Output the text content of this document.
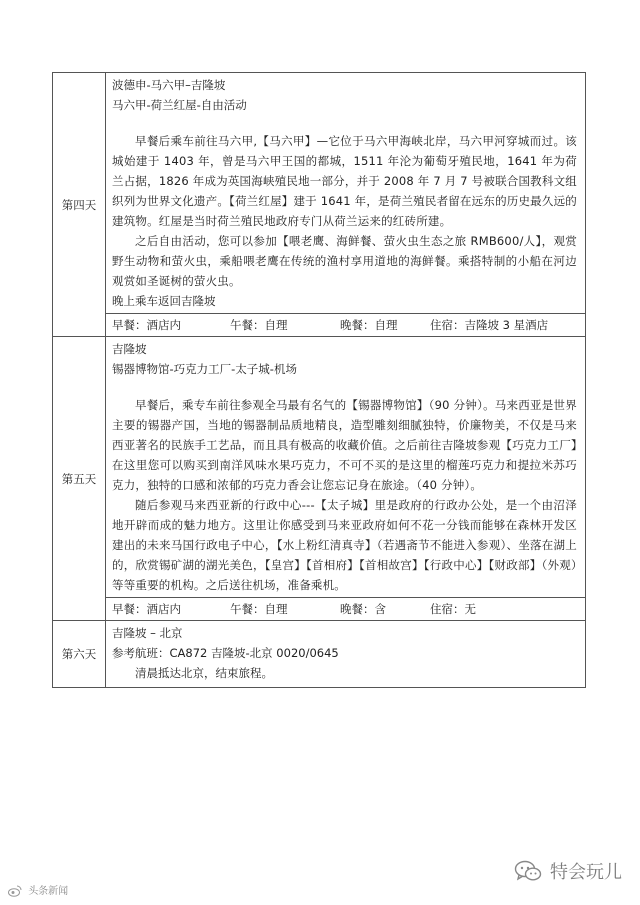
第四天	波德申-马六甲–吉隆坡
马六甲-荷兰红屋-自由活动

早餐后乘车前往马六甲,【马六甲】—它位于马六甲海峡北岸，马六甲河穿城而过。该城始建于 1403 年，曾是马六甲王国的都城，1511 年沦为葡萄牙殖民地，1641 年为荷兰占据，1826 年成为英国海峡殖民地一部分，并于 2008 年 7 月 7 号被联合国教科文组织列为世界文化遗产。【荷兰红屋】建于 1641 年，是荷兰殖民者留在远东的历史最久远的建筑物。红屋是当时荷兰殖民地政府专门从荷兰运来的红砖所建。

之后自由活动，您可以参加【喂老鹰、海鲜餐、萤火虫生态之旅 RMB600/人】，观赏野生动物和萤火虫，乘船喂老鹰在传统的渔村享用道地的海鲜餐。乘搭特制的小船在河边观赏如圣诞树的萤火虫。

晚上乘车返回吉隆坡

	早餐：酒店内 午餐：自理 晚餐：自理 住宿：吉隆坡 3 星酒店

第五天	吉隆坡
锡器博物馆-巧克力工厂-太子城-机场

早餐后，乘专车前往参观全马最有名气的【锡器博物馆】（90 分钟）。马来西亚是世界主要的锡器产国，当地的锡器制品质地精良，造型雕刻细腻独特，价廉物美，不仅是马来西亚著名的民族手工艺品，而且具有极高的收藏价值。之后前往吉隆坡参观【巧克力工厂】在这里您可以购买到南洋风味水果巧克力，不可不买的是这里的榴莲巧克力和提拉米苏巧克力，独特的口感和浓郁的巧克力香会让您忘记身在旅途。（40 分钟）。

随后参观马来西亚新的行政中心---【太子城】里是政府的行政办公处，是一个由沼泽地开辟而成的魅力地方。这里让你感受到马来亚政府如何不花一分钱而能够在森林开发区建出的未来马国行政电子中心，【水上粉红清真寺】（若遇斋节不能进入参观）、坐落在湖上的，欣赏锡矿湖的湖光美色，【皇宫】【首相府】【首相故宫】【行政中心】【财政部】（外观）等等重要的机构。之后送往机场，准备乘机。

	早餐：酒店内 午餐：自理 晚餐：含 住宿：无

第六天	吉隆坡 – 北京
参考航班：CA872 吉隆坡-北京 0020/0645
清晨抵达北京，结束旅程。
头条新闻
特会玩儿
